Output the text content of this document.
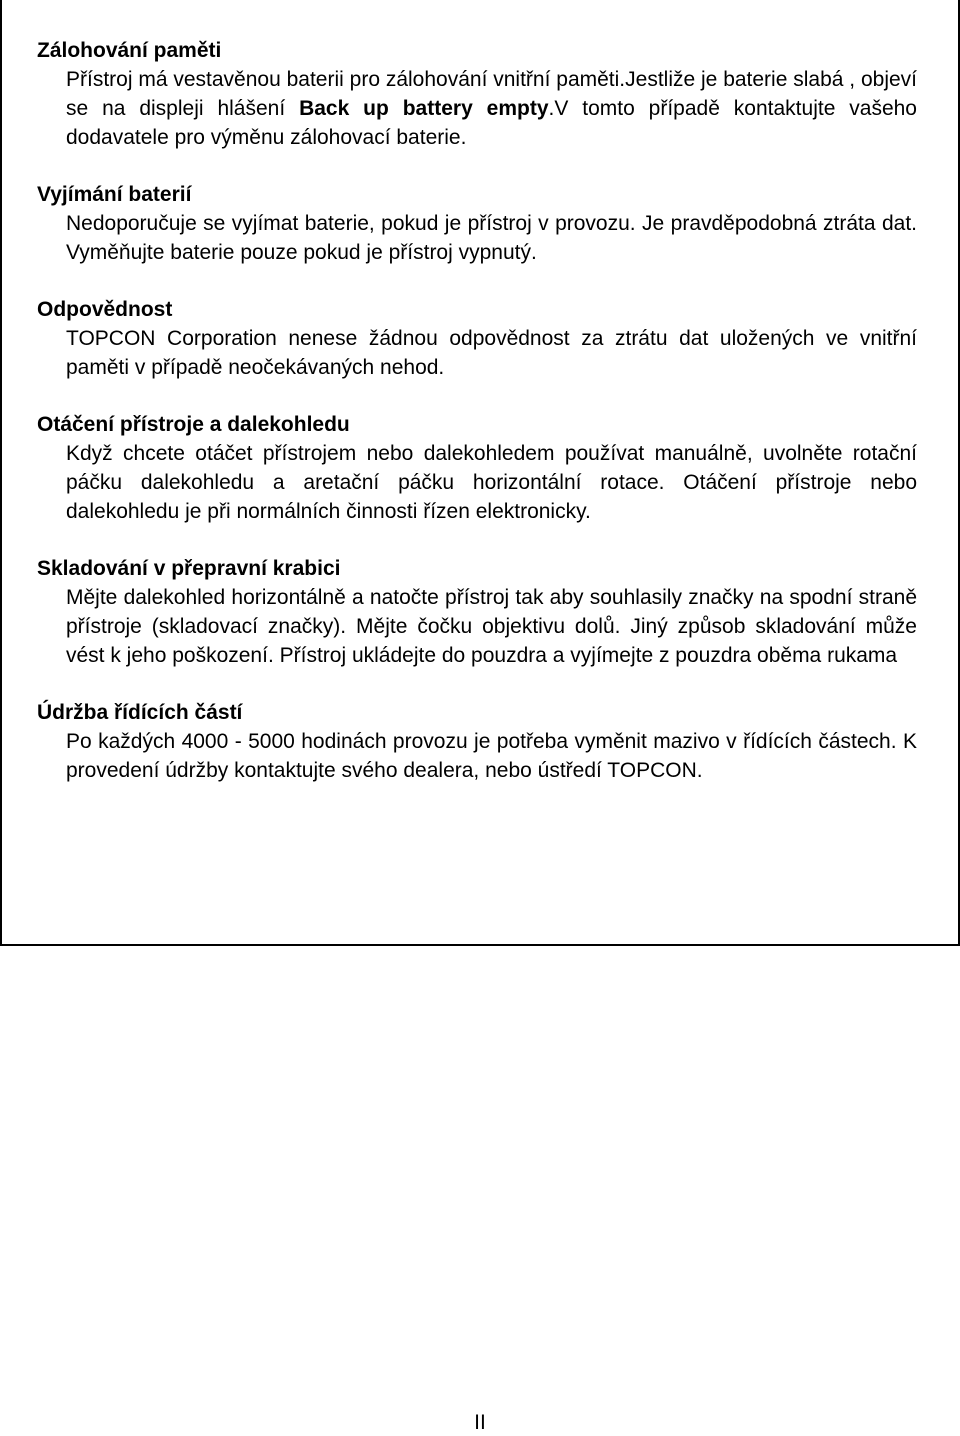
Zálohování paměti

Přístroj má vestavěnou baterii pro zálohování vnitřní paměti.Jestliže je baterie slabá , objeví se na displeji hlášení Back up battery empty.V tomto případě kontaktujte vašeho dodavatele pro výměnu zálohovací baterie.

Vyjímání baterií

Nedoporučuje se vyjímat baterie, pokud je přístroj v provozu. Je pravděpodobná ztráta dat. Vyměňujte baterie pouze pokud je přístroj vypnutý.

Odpovědnost

TOPCON Corporation nenese žádnou odpovědnost za ztrátu dat uložených ve vnitřní paměti v případě neočekávaných nehod.

Otáčení přístroje a dalekohledu

Když chcete otáčet přístrojem nebo dalekohledem používat manuálně, uvolněte rotační páčku dalekohledu a aretační páčku horizontální rotace. Otáčení přístroje nebo dalekohledu je při normálních činnosti řízen elektronicky.

Skladování v přepravní krabici

Mějte dalekohled horizontálně a natočte přístroj tak aby souhlasily značky na spodní straně přístroje (skladovací značky). Mějte čočku objektivu dolů. Jiný způsob skladování může vést k jeho poškození. Přístroj ukládejte do pouzdra a vyjímejte z pouzdra oběma rukama

Údržba řídících částí

Po každých 4000 - 5000 hodinách provozu je potřeba vyměnit mazivo v řídících částech. K provedení údržby kontaktujte svého dealera, nebo ústředí TOPCON.

II
